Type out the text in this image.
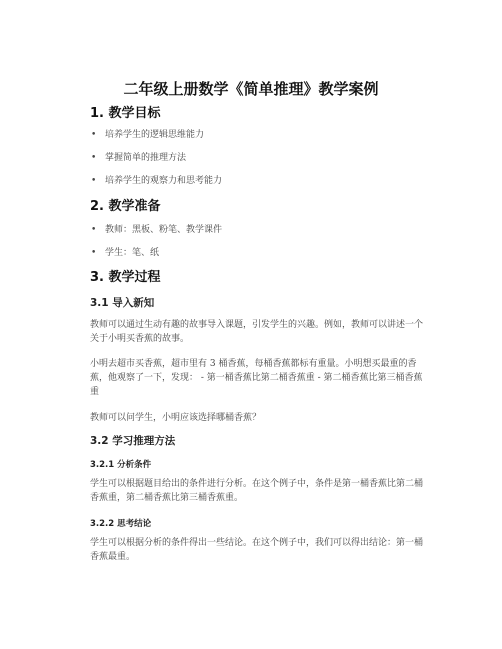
二年级上册数学《简单推理》教学案例
1. 教学目标
• 培养学生的逻辑思维能力
• 掌握简单的推理方法
• 培养学生的观察力和思考能力
2. 教学准备
• 教师：黑板、粉笔、教学课件
• 学生：笔、纸
3. 教学过程
3.1 导入新知

教师可以通过生动有趣的故事导入课题，引发学生的兴趣。例如，教师可以讲述一个关于小明买香蕉的故事。

小明去超市买香蕉，超市里有 3 桶香蕉，每桶香蕉都标有重量。小明想买最重的香蕉，他观察了一下，发现： - 第一桶香蕉比第二桶香蕉重 - 第二桶香蕉比第三桶香蕉重

教师可以问学生，小明应该选择哪桶香蕉？

3.2 学习推理方法
3.2.1 分析条件

学生可以根据题目给出的条件进行分析。在这个例子中，条件是第一桶香蕉比第二桶香蕉重，第二桶香蕉比第三桶香蕉重。

3.2.2 思考结论

学生可以根据分析的条件得出一些结论。在这个例子中，我们可以得出结论：第一桶香蕉最重。
